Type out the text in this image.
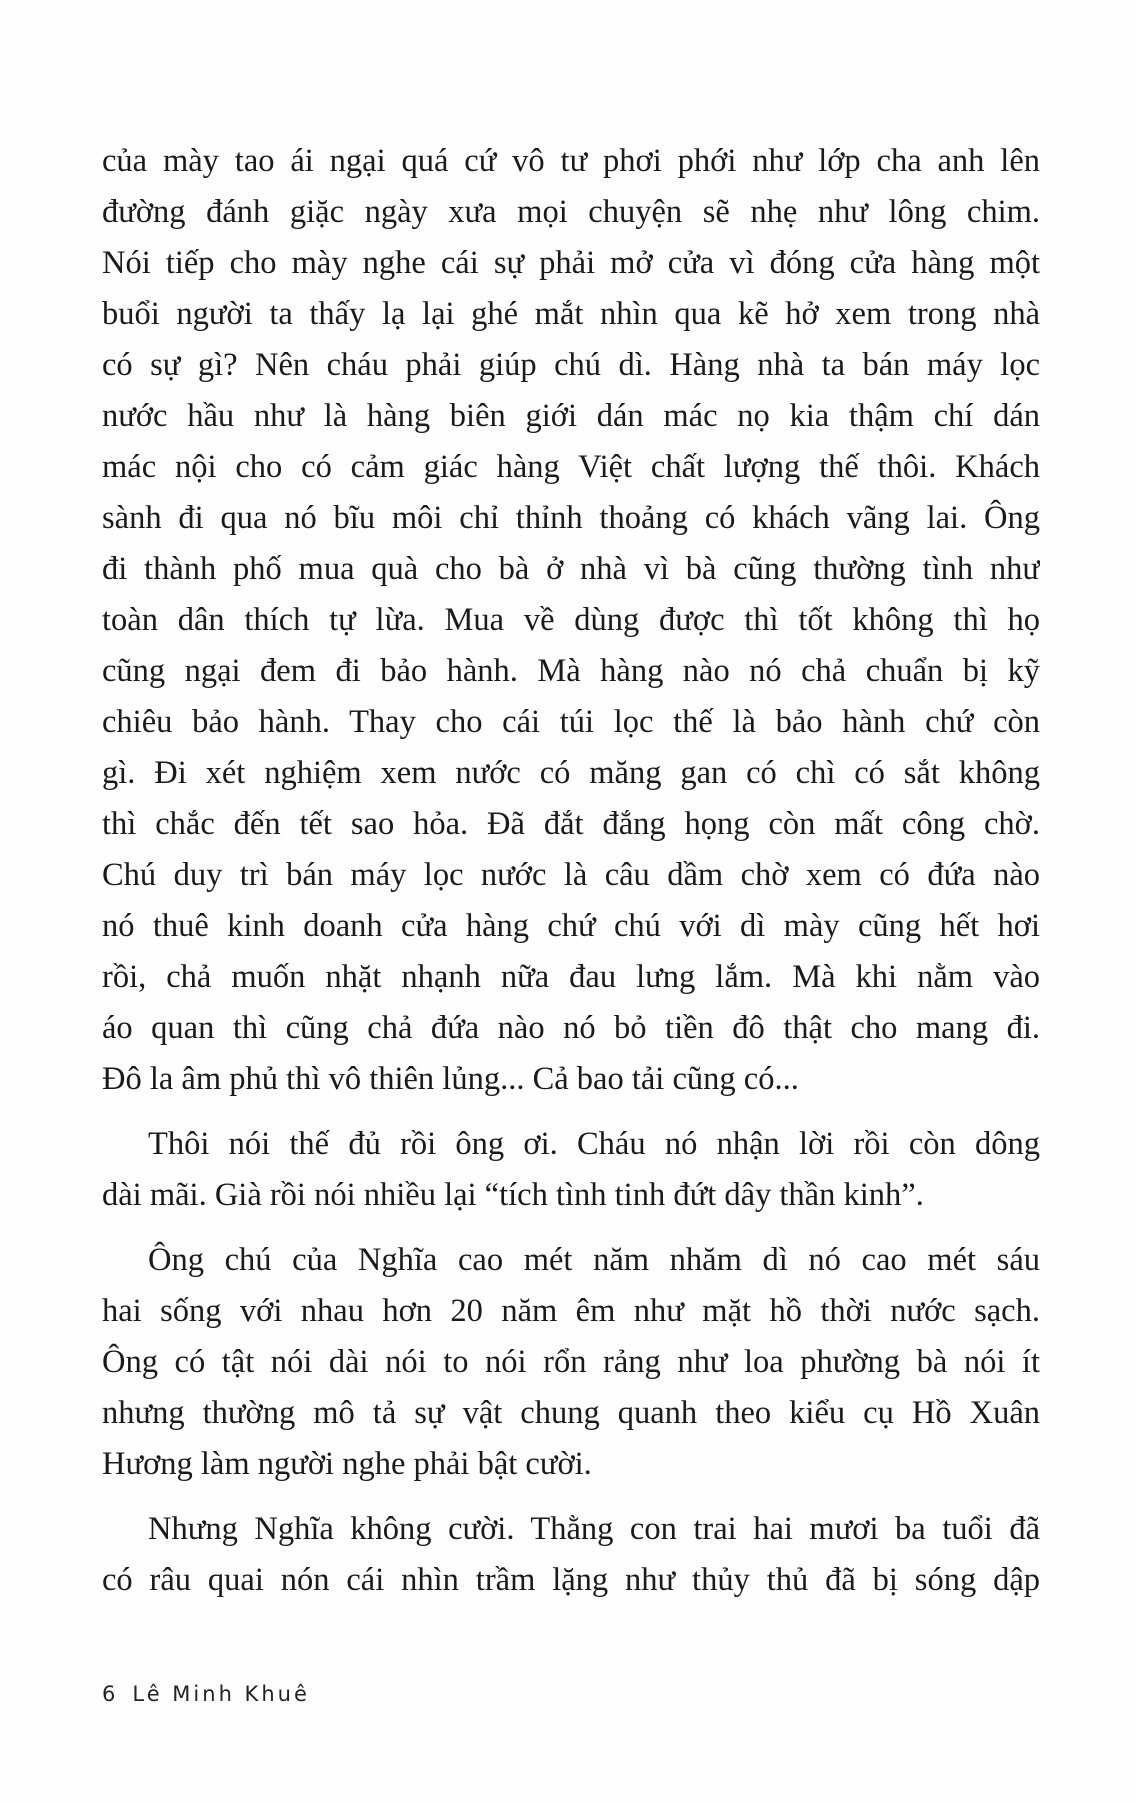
của mày tao ái ngại quá cứ vô tư phơi phới như lớp cha anh lên
đường đánh giặc ngày xưa mọi chuyện sẽ nhẹ như lông chim.
Nói tiếp cho mày nghe cái sự phải mở cửa vì đóng cửa hàng một
buổi người ta thấy lạ lại ghé mắt nhìn qua kẽ hở xem trong nhà
có sự gì? Nên cháu phải giúp chú dì. Hàng nhà ta bán máy lọc
nước hầu như là hàng biên giới dán mác nọ kia thậm chí dán
mác nội cho có cảm giác hàng Việt chất lượng thế thôi. Khách
sành đi qua nó bĩu môi chỉ thỉnh thoảng có khách vãng lai. Ông
đi thành phố mua quà cho bà ở nhà vì bà cũng thường tình như
toàn dân thích tự lừa. Mua về dùng được thì tốt không thì họ
cũng ngại đem đi bảo hành. Mà hàng nào nó chả chuẩn bị kỹ
chiêu bảo hành. Thay cho cái túi lọc thế là bảo hành chứ còn
gì. Đi xét nghiệm xem nước có măng gan có chì có sắt không
thì chắc đến tết sao hỏa. Đã đắt đắng họng còn mất công chờ.
Chú duy trì bán máy lọc nước là câu dầm chờ xem có đứa nào
nó thuê kinh doanh cửa hàng chứ chú với dì mày cũng hết hơi
rồi, chả muốn nhặt nhạnh nữa đau lưng lắm. Mà khi nằm vào
áo quan thì cũng chả đứa nào nó bỏ tiền đô thật cho mang đi.
Đô la âm phủ thì vô thiên lủng... Cả bao tải cũng có...
Thôi nói thế đủ rồi ông ơi. Cháu nó nhận lời rồi còn dông
dài mãi. Già rồi nói nhiều lại “tích tình tinh đứt dây thần kinh”.
Ông chú của Nghĩa cao mét năm nhăm dì nó cao mét sáu
hai sống với nhau hơn 20 năm êm như mặt hồ thời nước sạch.
Ông có tật nói dài nói to nói rổn rảng như loa phường bà nói ít
nhưng thường mô tả sự vật chung quanh theo kiểu cụ Hồ Xuân
Hương làm người nghe phải bật cười.
Nhưng Nghĩa không cười. Thằng con trai hai mươi ba tuổi đã
có râu quai nón cái nhìn trầm lặng như thủy thủ đã bị sóng dập
6 Lê Minh Khuê
